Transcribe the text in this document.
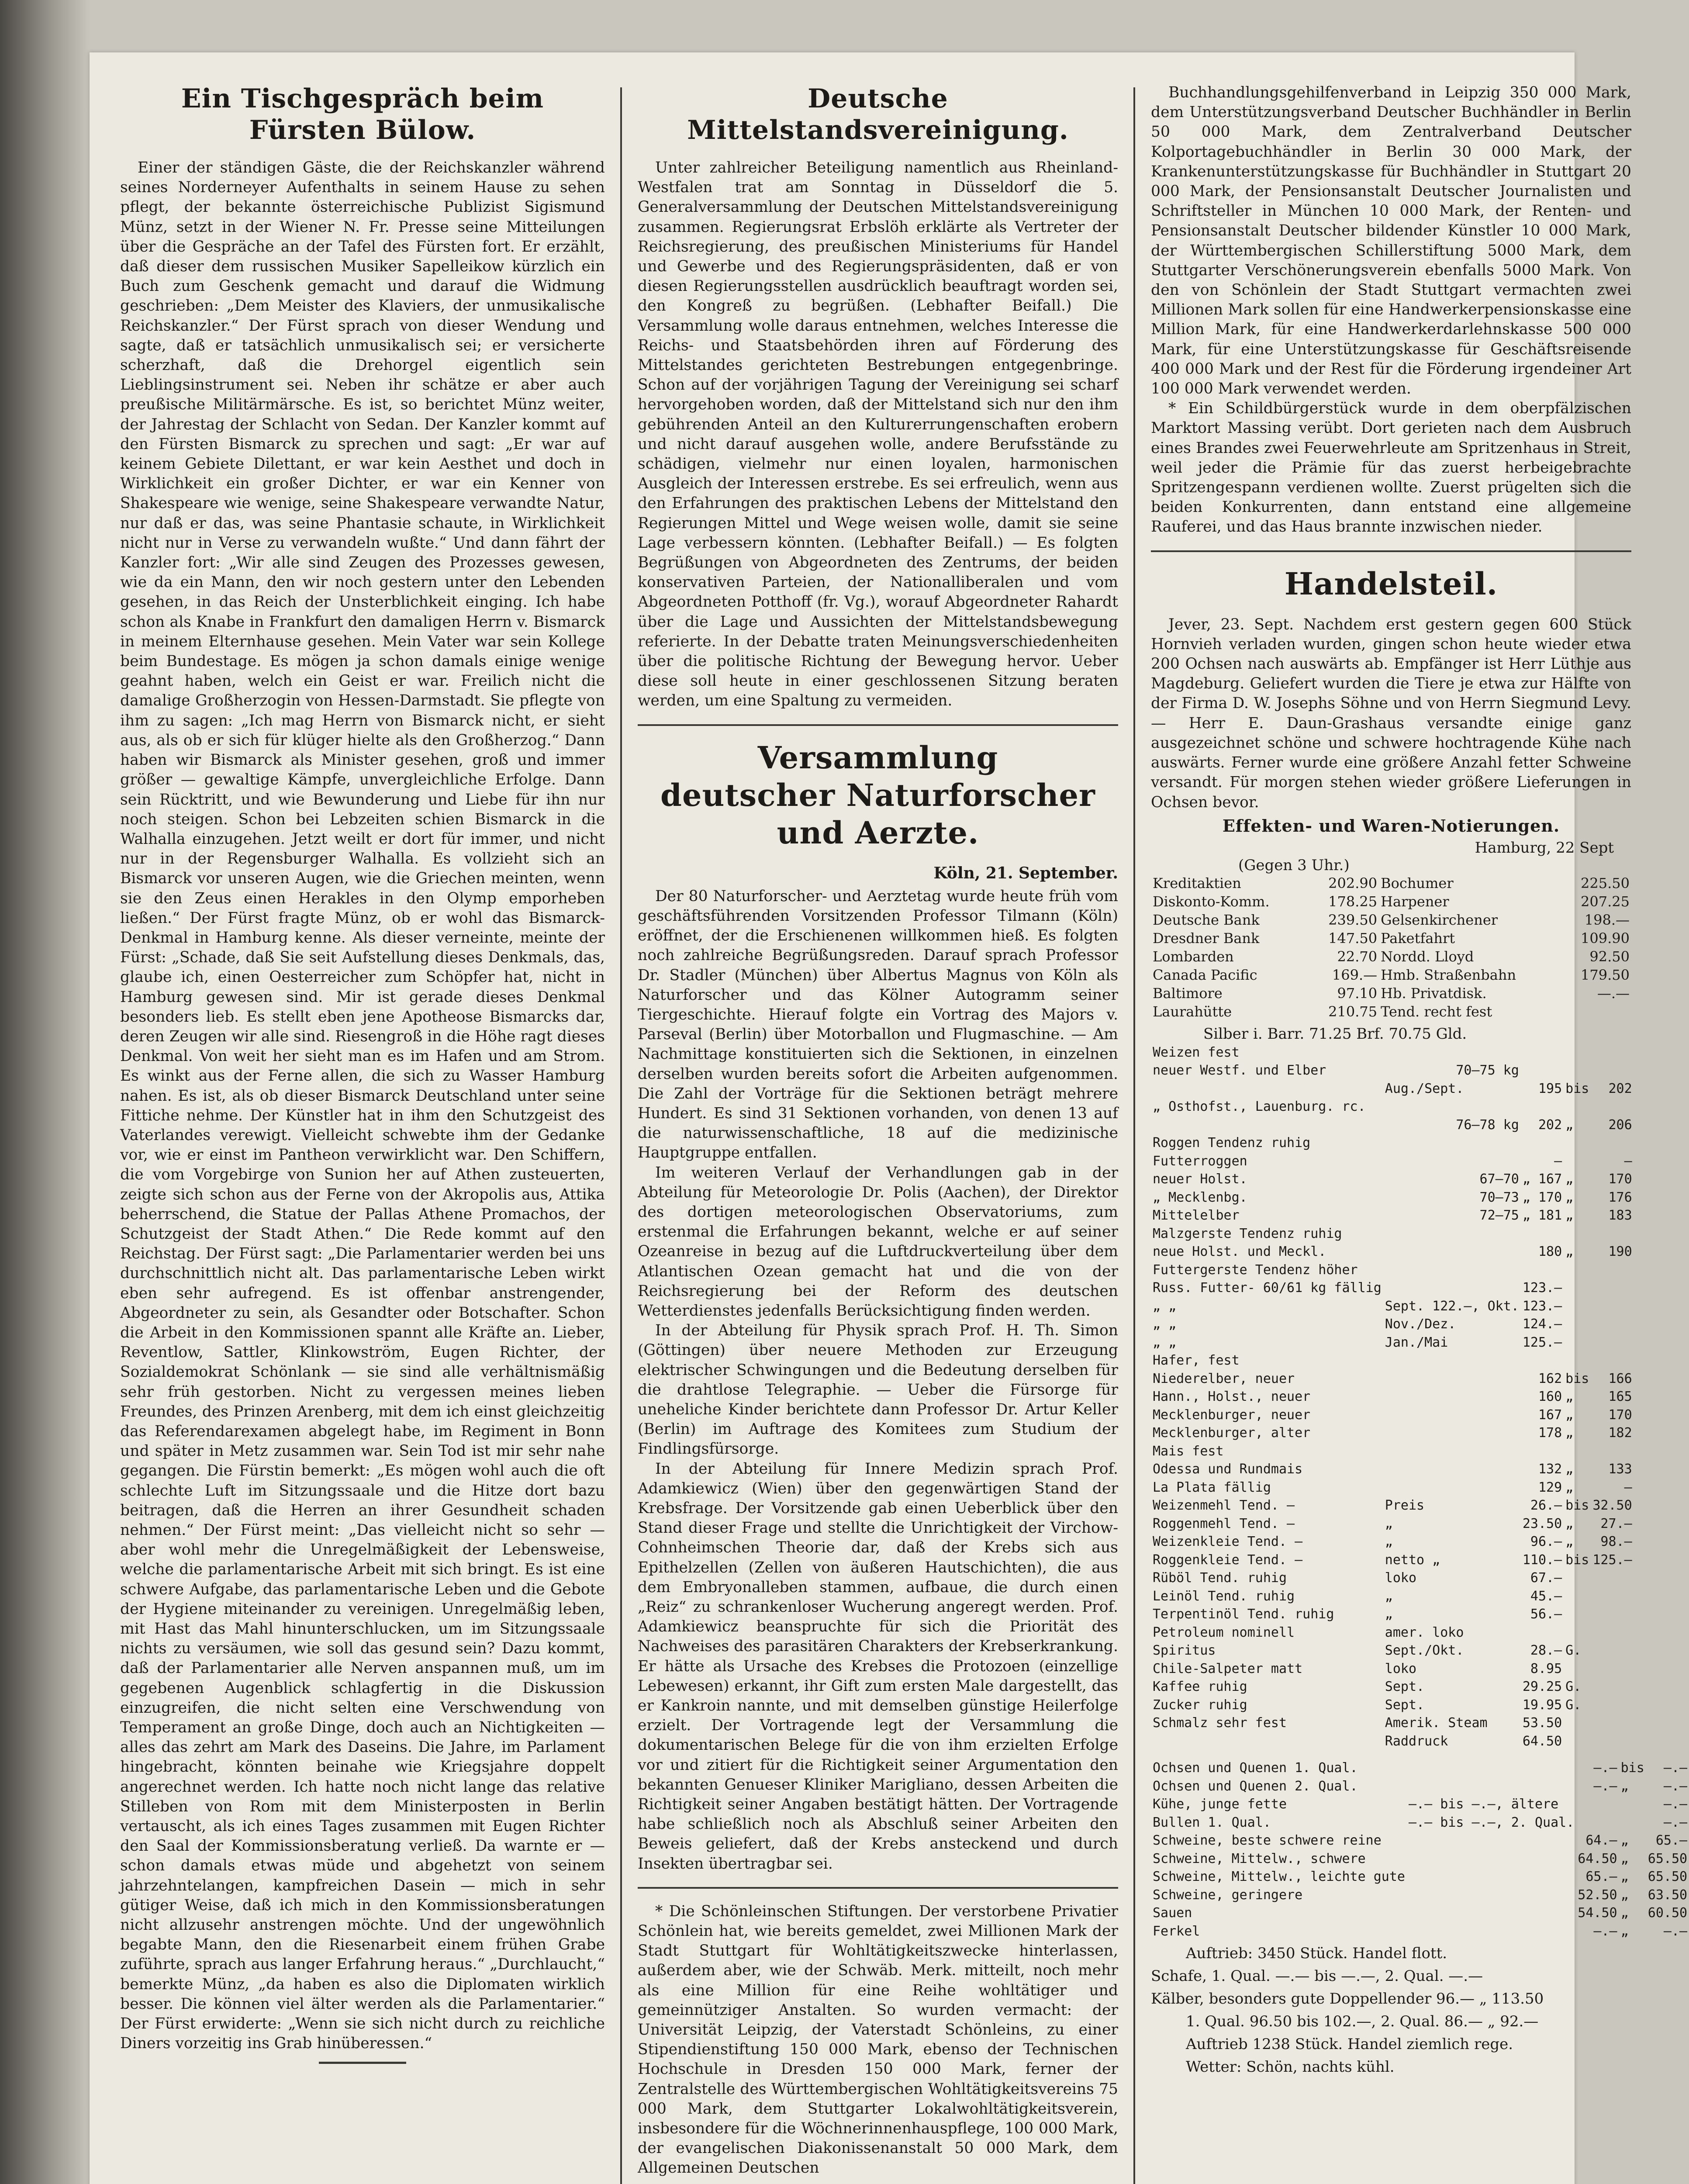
Ein Tischgespräch beim Fürsten Bülow.

Einer der ständigen Gäste, die der Reichskanzler während seines Norderneyer Aufenthalts in seinem Hause zu sehen pflegt, der bekannte österreichische Publizist Sigismund Münz, setzt in der Wiener N. Fr. Presse seine Mitteilungen über die Gespräche an der Tafel des Fürsten fort. Er erzählt, daß dieser dem russischen Musiker Sapelleikow kürzlich ein Buch zum Geschenk gemacht und darauf die Widmung geschrieben: „Dem Meister des Klaviers, der unmusikalische Reichskanzler.“ Der Fürst sprach von dieser Wendung und sagte, daß er tatsächlich unmusikalisch sei; er versicherte scherzhaft, daß die Drehorgel eigentlich sein Lieblingsinstrument sei. Neben ihr schätze er aber auch preußische Militärmärsche. Es ist, so berichtet Münz weiter, der Jahrestag der Schlacht von Sedan. Der Kanzler kommt auf den Fürsten Bismarck zu sprechen und sagt: „Er war auf keinem Gebiete Dilettant, er war kein Aesthet und doch in Wirklichkeit ein großer Dichter, er war ein Kenner von Shakespeare wie wenige, seine Shakespeare verwandte Natur, nur daß er das, was seine Phantasie schaute, in Wirklichkeit nicht nur in Verse zu verwandeln wußte.“ Und dann fährt der Kanzler fort: „Wir alle sind Zeugen des Prozesses gewesen, wie da ein Mann, den wir noch gestern unter den Lebenden gesehen, in das Reich der Unsterblichkeit einging. Ich habe schon als Knabe in Frankfurt den damaligen Herrn v. Bismarck in meinem Elternhause gesehen. Mein Vater war sein Kollege beim Bundestage. Es mögen ja schon damals einige wenige geahnt haben, welch ein Geist er war. Freilich nicht die damalige Großherzogin von Hessen-Darmstadt. Sie pflegte von ihm zu sagen: „Ich mag Herrn von Bismarck nicht, er sieht aus, als ob er sich für klüger hielte als den Großherzog.“ Dann haben wir Bismarck als Minister gesehen, groß und immer größer — gewaltige Kämpfe, unvergleichliche Erfolge. Dann sein Rücktritt, und wie Bewunderung und Liebe für ihn nur noch steigen. Schon bei Lebzeiten schien Bismarck in die Walhalla einzugehen. Jetzt weilt er dort für immer, und nicht nur in der Regensburger Walhalla. Es vollzieht sich an Bismarck vor unseren Augen, wie die Griechen meinten, wenn sie den Zeus einen Herakles in den Olymp emporheben ließen.“ Der Fürst fragte Münz, ob er wohl das Bismarck-Denkmal in Hamburg kenne. Als dieser verneinte, meinte der Fürst: „Schade, daß Sie seit Aufstellung dieses Denkmals, das, glaube ich, einen Oesterreicher zum Schöpfer hat, nicht in Hamburg gewesen sind. Mir ist gerade dieses Denkmal besonders lieb. Es stellt eben jene Apotheose Bismarcks dar, deren Zeugen wir alle sind. Riesengroß in die Höhe ragt dieses Denkmal. Von weit her sieht man es im Hafen und am Strom. Es winkt aus der Ferne allen, die sich zu Wasser Hamburg nahen. Es ist, als ob dieser Bismarck Deutschland unter seine Fittiche nehme. Der Künstler hat in ihm den Schutzgeist des Vaterlandes verewigt. Vielleicht schwebte ihm der Gedanke vor, wie er einst im Pantheon verwirklicht war. Den Schiffern, die vom Vorgebirge von Sunion her auf Athen zusteuerten, zeigte sich schon aus der Ferne von der Akropolis aus, Attika beherrschend, die Statue der Pallas Athene Promachos, der Schutzgeist der Stadt Athen.“ Die Rede kommt auf den Reichstag. Der Fürst sagt: „Die Parlamentarier werden bei uns durchschnittlich nicht alt. Das parlamentarische Leben wirkt eben sehr aufregend. Es ist offenbar anstrengender, Abgeordneter zu sein, als Gesandter oder Botschafter. Schon die Arbeit in den Kommissionen spannt alle Kräfte an. Lieber, Reventlow, Sattler, Klinkowström, Eugen Richter, der Sozialdemokrat Schönlank — sie sind alle verhältnismäßig sehr früh gestorben. Nicht zu vergessen meines lieben Freundes, des Prinzen Arenberg, mit dem ich einst gleichzeitig das Referendarexamen abgelegt habe, im Regiment in Bonn und später in Metz zusammen war. Sein Tod ist mir sehr nahe gegangen. Die Fürstin bemerkt: „Es mögen wohl auch die oft schlechte Luft im Sitzungssaale und die Hitze dort bazu beitragen, daß die Herren an ihrer Gesundheit schaden nehmen.“ Der Fürst meint: „Das vielleicht nicht so sehr — aber wohl mehr die Unregelmäßigkeit der Lebensweise, welche die parlamentarische Arbeit mit sich bringt. Es ist eine schwere Aufgabe, das parlamentarische Leben und die Gebote der Hygiene miteinander zu vereinigen. Unregelmäßig leben, mit Hast das Mahl hinunterschlucken, um im Sitzungssaale nichts zu versäumen, wie soll das gesund sein? Dazu kommt, daß der Parlamentarier alle Nerven anspannen muß, um im gegebenen Augenblick schlagfertig in die Diskussion einzugreifen, die nicht selten eine Verschwendung von Temperament an große Dinge, doch auch an Nichtigkeiten — alles das zehrt am Mark des Daseins. Die Jahre, im Parlament hingebracht, könnten beinahe wie Kriegsjahre doppelt angerechnet werden. Ich hatte noch nicht lange das relative Stilleben von Rom mit dem Ministerposten in Berlin vertauscht, als ich eines Tages zusammen mit Eugen Richter den Saal der Kommissionsberatung verließ. Da warnte er — schon damals etwas müde und abgehetzt von seinem jahrzehntelangen, kampfreichen Dasein — mich in sehr gütiger Weise, daß ich mich in den Kommissionsberatungen nicht allzusehr anstrengen möchte. Und der ungewöhnlich begabte Mann, den die Riesenarbeit einem frühen Grabe zuführte, sprach aus langer Erfahrung heraus.“ „Durchlaucht,“ bemerkte Münz, „da haben es also die Diplomaten wirklich besser. Die können viel älter werden als die Parlamentarier.“ Der Fürst erwiderte: „Wenn sie sich nicht durch zu reichliche Diners vorzeitig ins Grab hinüberessen.“

Deutsche Mittelstandsvereinigung.

Unter zahlreicher Beteiligung namentlich aus Rheinland-Westfalen trat am Sonntag in Düsseldorf die 5. Generalversammlung der Deutschen Mittelstandsvereinigung zusammen. Regierungsrat Erbslöh erklärte als Vertreter der Reichsregierung, des preußischen Ministeriums für Handel und Gewerbe und des Regierungspräsidenten, daß er von diesen Regierungsstellen ausdrücklich beauftragt worden sei, den Kongreß zu begrüßen. (Lebhafter Beifall.) Die Versammlung wolle daraus entnehmen, welches Interesse die Reichs- und Staatsbehörden ihren auf Förderung des Mittelstandes gerichteten Bestrebungen entgegenbringe. Schon auf der vorjährigen Tagung der Vereinigung sei scharf hervorgehoben worden, daß der Mittelstand sich nur den ihm gebührenden Anteil an den Kulturerrungenschaften erobern und nicht darauf ausgehen wolle, andere Berufsstände zu schädigen, vielmehr nur einen loyalen, harmonischen Ausgleich der Interessen erstrebe. Es sei erfreulich, wenn aus den Erfahrungen des praktischen Lebens der Mittelstand den Regierungen Mittel und Wege weisen wolle, damit sie seine Lage verbessern könnten. (Lebhafter Beifall.) — Es folgten Begrüßungen von Abgeordneten des Zentrums, der beiden konservativen Parteien, der Nationalliberalen und vom Abgeordneten Potthoff (fr. Vg.), worauf Abgeordneter Rahardt über die Lage und Aussichten der Mittelstandsbewegung referierte. In der Debatte traten Meinungsverschiedenheiten über die politische Richtung der Bewegung hervor. Ueber diese soll heute in einer geschlossenen Sitzung beraten werden, um eine Spaltung zu vermeiden.

Versammlung
deutscher Naturforscher und Aerzte.
Köln, 21. September.

Der 80 Naturforscher- und Aerztetag wurde heute früh vom geschäftsführenden Vorsitzenden Professor Tilmann (Köln) eröffnet, der die Erschienenen willkommen hieß. Es folgten noch zahlreiche Begrüßungsreden. Darauf sprach Professor Dr. Stadler (München) über Albertus Magnus von Köln als Naturforscher und das Kölner Autogramm seiner Tiergeschichte. Hierauf folgte ein Vortrag des Majors v. Parseval (Berlin) über Motorballon und Flugmaschine. — Am Nachmittage konstituierten sich die Sektionen, in einzelnen derselben wurden bereits sofort die Arbeiten aufgenommen. Die Zahl der Vorträge für die Sektionen beträgt mehrere Hundert. Es sind 31 Sektionen vorhanden, von denen 13 auf die naturwissenschaftliche, 18 auf die medizinische Hauptgruppe entfallen.

Im weiteren Verlauf der Verhandlungen gab in der Abteilung für Meteorologie Dr. Polis (Aachen), der Direktor des dortigen meteorologischen Observatoriums, zum erstenmal die Erfahrungen bekannt, welche er auf seiner Ozeanreise in bezug auf die Luftdruckverteilung über dem Atlantischen Ozean gemacht hat und die von der Reichsregierung bei der Reform des deutschen Wetterdienstes jedenfalls Berücksichtigung finden werden.

In der Abteilung für Physik sprach Prof. H. Th. Simon (Göttingen) über neuere Methoden zur Erzeugung elektrischer Schwingungen und die Bedeutung derselben für die drahtlose Telegraphie. — Ueber die Fürsorge für uneheliche Kinder berichtete dann Professor Dr. Artur Keller (Berlin) im Auftrage des Komitees zum Studium der Findlingsfürsorge.

In der Abteilung für Innere Medizin sprach Prof. Adamkiewicz (Wien) über den gegenwärtigen Stand der Krebsfrage. Der Vorsitzende gab einen Ueberblick über den Stand dieser Frage und stellte die Unrichtigkeit der Virchow-Cohnheimschen Theorie dar, daß der Krebs sich aus Epithelzellen (Zellen von äußeren Hautschichten), die aus dem Embryonalleben stammen, aufbaue, die durch einen „Reiz“ zu schrankenloser Wucherung angeregt werden. Prof. Adamkiewicz beanspruchte für sich die Priorität des Nachweises des parasitären Charakters der Krebserkrankung. Er hätte als Ursache des Krebses die Protozoen (einzellige Lebewesen) erkannt, ihr Gift zum ersten Male dargestellt, das er Kankroin nannte, und mit demselben günstige Heilerfolge erzielt. Der Vortragende legt der Versammlung die dokumentarischen Belege für die von ihm erzielten Erfolge vor und zitiert für die Richtigkeit seiner Argumentation den bekannten Genueser Kliniker Marigliano, dessen Arbeiten die Richtigkeit seiner Angaben bestätigt hätten. Der Vortragende habe schließlich noch als Abschluß seiner Arbeiten den Beweis geliefert, daß der Krebs ansteckend und durch Insekten übertragbar sei.

* Die Schönleinschen Stiftungen. Der verstorbene Privatier Schönlein hat, wie bereits gemeldet, zwei Millionen Mark der Stadt Stuttgart für Wohltätigkeitszwecke hinterlassen, außerdem aber, wie der Schwäb. Merk. mitteilt, noch mehr als eine Million für eine Reihe wohltätiger und gemeinnütziger Anstalten. So wurden vermacht: der Universität Leipzig, der Vaterstadt Schönleins, zu einer Stipendienstiftung 150 000 Mark, ebenso der Technischen Hochschule in Dresden 150 000 Mark, ferner der Zentralstelle des Württembergischen Wohltätigkeitsvereins 75 000 Mark, dem Stuttgarter Lokalwohltätigkeitsverein, insbesondere für die Wöchnerinnenhauspflege, 100 000 Mark, der evangelischen Diakonissenanstalt 50 000 Mark, dem Allgemeinen Deutschen

Buchhandlungsgehilfenverband in Leipzig 350 000 Mark, dem Unterstützungsverband Deutscher Buchhändler in Berlin 50 000 Mark, dem Zentralverband Deutscher Kolportagebuchhändler in Berlin 30 000 Mark, der Krankenunterstützungskasse für Buchhändler in Stuttgart 20 000 Mark, der Pensionsanstalt Deutscher Journalisten und Schriftsteller in München 10 000 Mark, der Renten- und Pensionsanstalt Deutscher bildender Künstler 10 000 Mark, der Württembergischen Schillerstiftung 5000 Mark, dem Stuttgarter Verschönerungsverein ebenfalls 5000 Mark. Von den von Schönlein der Stadt Stuttgart vermachten zwei Millionen Mark sollen für eine Handwerkerpensionskasse eine Million Mark, für eine Handwerkerdarlehnskasse 500 000 Mark, für eine Unterstützungskasse für Geschäftsreisende 400 000 Mark und der Rest für die Förderung irgendeiner Art 100 000 Mark verwendet werden.

* Ein Schildbürgerstück wurde in dem oberpfälzischen Marktort Massing verübt. Dort gerieten nach dem Ausbruch eines Brandes zwei Feuerwehrleute am Spritzenhaus in Streit, weil jeder die Prämie für das zuerst herbeigebrachte Spritzengespann verdienen wollte. Zuerst prügelten sich die beiden Konkurrenten, dann entstand eine allgemeine Rauferei, und das Haus brannte inzwischen nieder.

Handelsteil.

Jever, 23. Sept. Nachdem erst gestern gegen 600 Stück Hornvieh verladen wurden, gingen schon heute wieder etwa 200 Ochsen nach auswärts ab. Empfänger ist Herr Lüthje aus Magdeburg. Geliefert wurden die Tiere je etwa zur Hälfte von der Firma D. W. Josephs Söhne und von Herrn Siegmund Levy. — Herr E. Daun-Grashaus versandte einige ganz ausgezeichnet schöne und schwere hochtragende Kühe nach auswärts. Ferner wurde eine größere Anzahl fetter Schweine versandt. Für morgen stehen wieder größere Lieferungen in Ochsen bevor.

Effekten- und Waren-Notierungen.
Hamburg, 22 Sept
(Gegen 3 Uhr.)
Kreditaktien	202.90	Bochumer	225.50
Diskonto-Komm.	178.25	Harpener	207.25
Deutsche Bank	239.50	Gelsenkirchener	198.—
Dresdner Bank	147.50	Paketfahrt	109.90
Lombarden	22.70	Nordd. Lloyd	92.50
Canada Pacific	169.—	Hmb. Straßenbahn	179.50
Baltimore	97.10	Hb. Privatdisk.	—.—
Laurahütte	210.75	Tend. recht fest	
Silber i. Barr. 71.25 Brf. 70.75 Gld.
Weizen fest				
neuer Westf. und Elber	70—75 kg			
	Aug./Sept.	195	bis	202
„ Osthofst., Lauenburg. rc.				
	76—78 kg	202	„	206
Roggen Tendenz ruhig				
Futterroggen		—		—
neuer Holst.	67—70	„ 167	„	170
„ Mecklenbg.	70—73	„ 170	„	176
Mittelelber	72—75	„ 181	„	183
Malzgerste Tendenz ruhig				
neue Holst. und Meckl.		180	„	190
Futtergerste Tendenz höher				
Russ. Futter- 60/61 kg fällig		123.—		
„ „	Sept. 122.—, Okt.	123.—		
„ „	Nov./Dez.	124.—		
„ „	Jan./Mai	125.—		
Hafer, fest				
Niederelber, neuer		162	bis	166
Hann., Holst., neuer		160	„	165
Mecklenburger, neuer		167	„	170
Mecklenburger, alter		178	„	182
Mais fest				
Odessa und Rundmais		132	„	133
La Plata fällig		129	„	—
Weizenmehl Tend. —	Preis	26.—	bis	32.50
Roggenmehl Tend. —	„	23.50	„	27.—
Weizenkleie Tend. —	„	96.—	„	98.—
Roggenkleie Tend. —	netto „	110.—	bis	125.—
Rüböl Tend. ruhig	loko	67.—		
Leinöl Tend. ruhig	„	45.—		
Terpentinöl Tend. ruhig	„	56.—		
Petroleum nominell	amer. loko			
Spiritus	Sept./Okt.	28.—	G.	
Chile-Salpeter matt	loko	8.95		
Kaffee ruhig	Sept.	29.25	G.	
Zucker ruhig	Sept.	19.95	G.	
Schmalz sehr fest	Amerik. Steam	53.50		
	Raddruck	64.50		
Ochsen und Quenen 1. Qual.		—.—	bis	—.—
Ochsen und Quenen 2. Qual.		—.—	„	—.—
Kühe, junge fette	—.— bis —.—, ältere			—.—
Bullen 1. Qual.	—.— bis —.—, 2. Qual.			—.—
Schweine, beste schwere reine		64.—	„	65.—
Schweine, Mittelw., schwere		64.50	„	65.50
Schweine, Mittelw., leichte gute		65.—	„	65.50
Schweine, geringere		52.50	„	63.50
Sauen		54.50	„	60.50
Ferkel		—.—	„	—.—
Auftrieb: 3450 Stück. Handel flott.
Schafe, 1. Qual. —.— bis —.—, 2. Qual. —.—
Kälber, besonders gute Doppellender 96.— „ 113.50
1. Qual. 96.50 bis 102.—, 2. Qual. 86.— „ 92.—
Auftrieb 1238 Stück. Handel ziemlich rege.
Wetter: Schön, nachts kühl.
